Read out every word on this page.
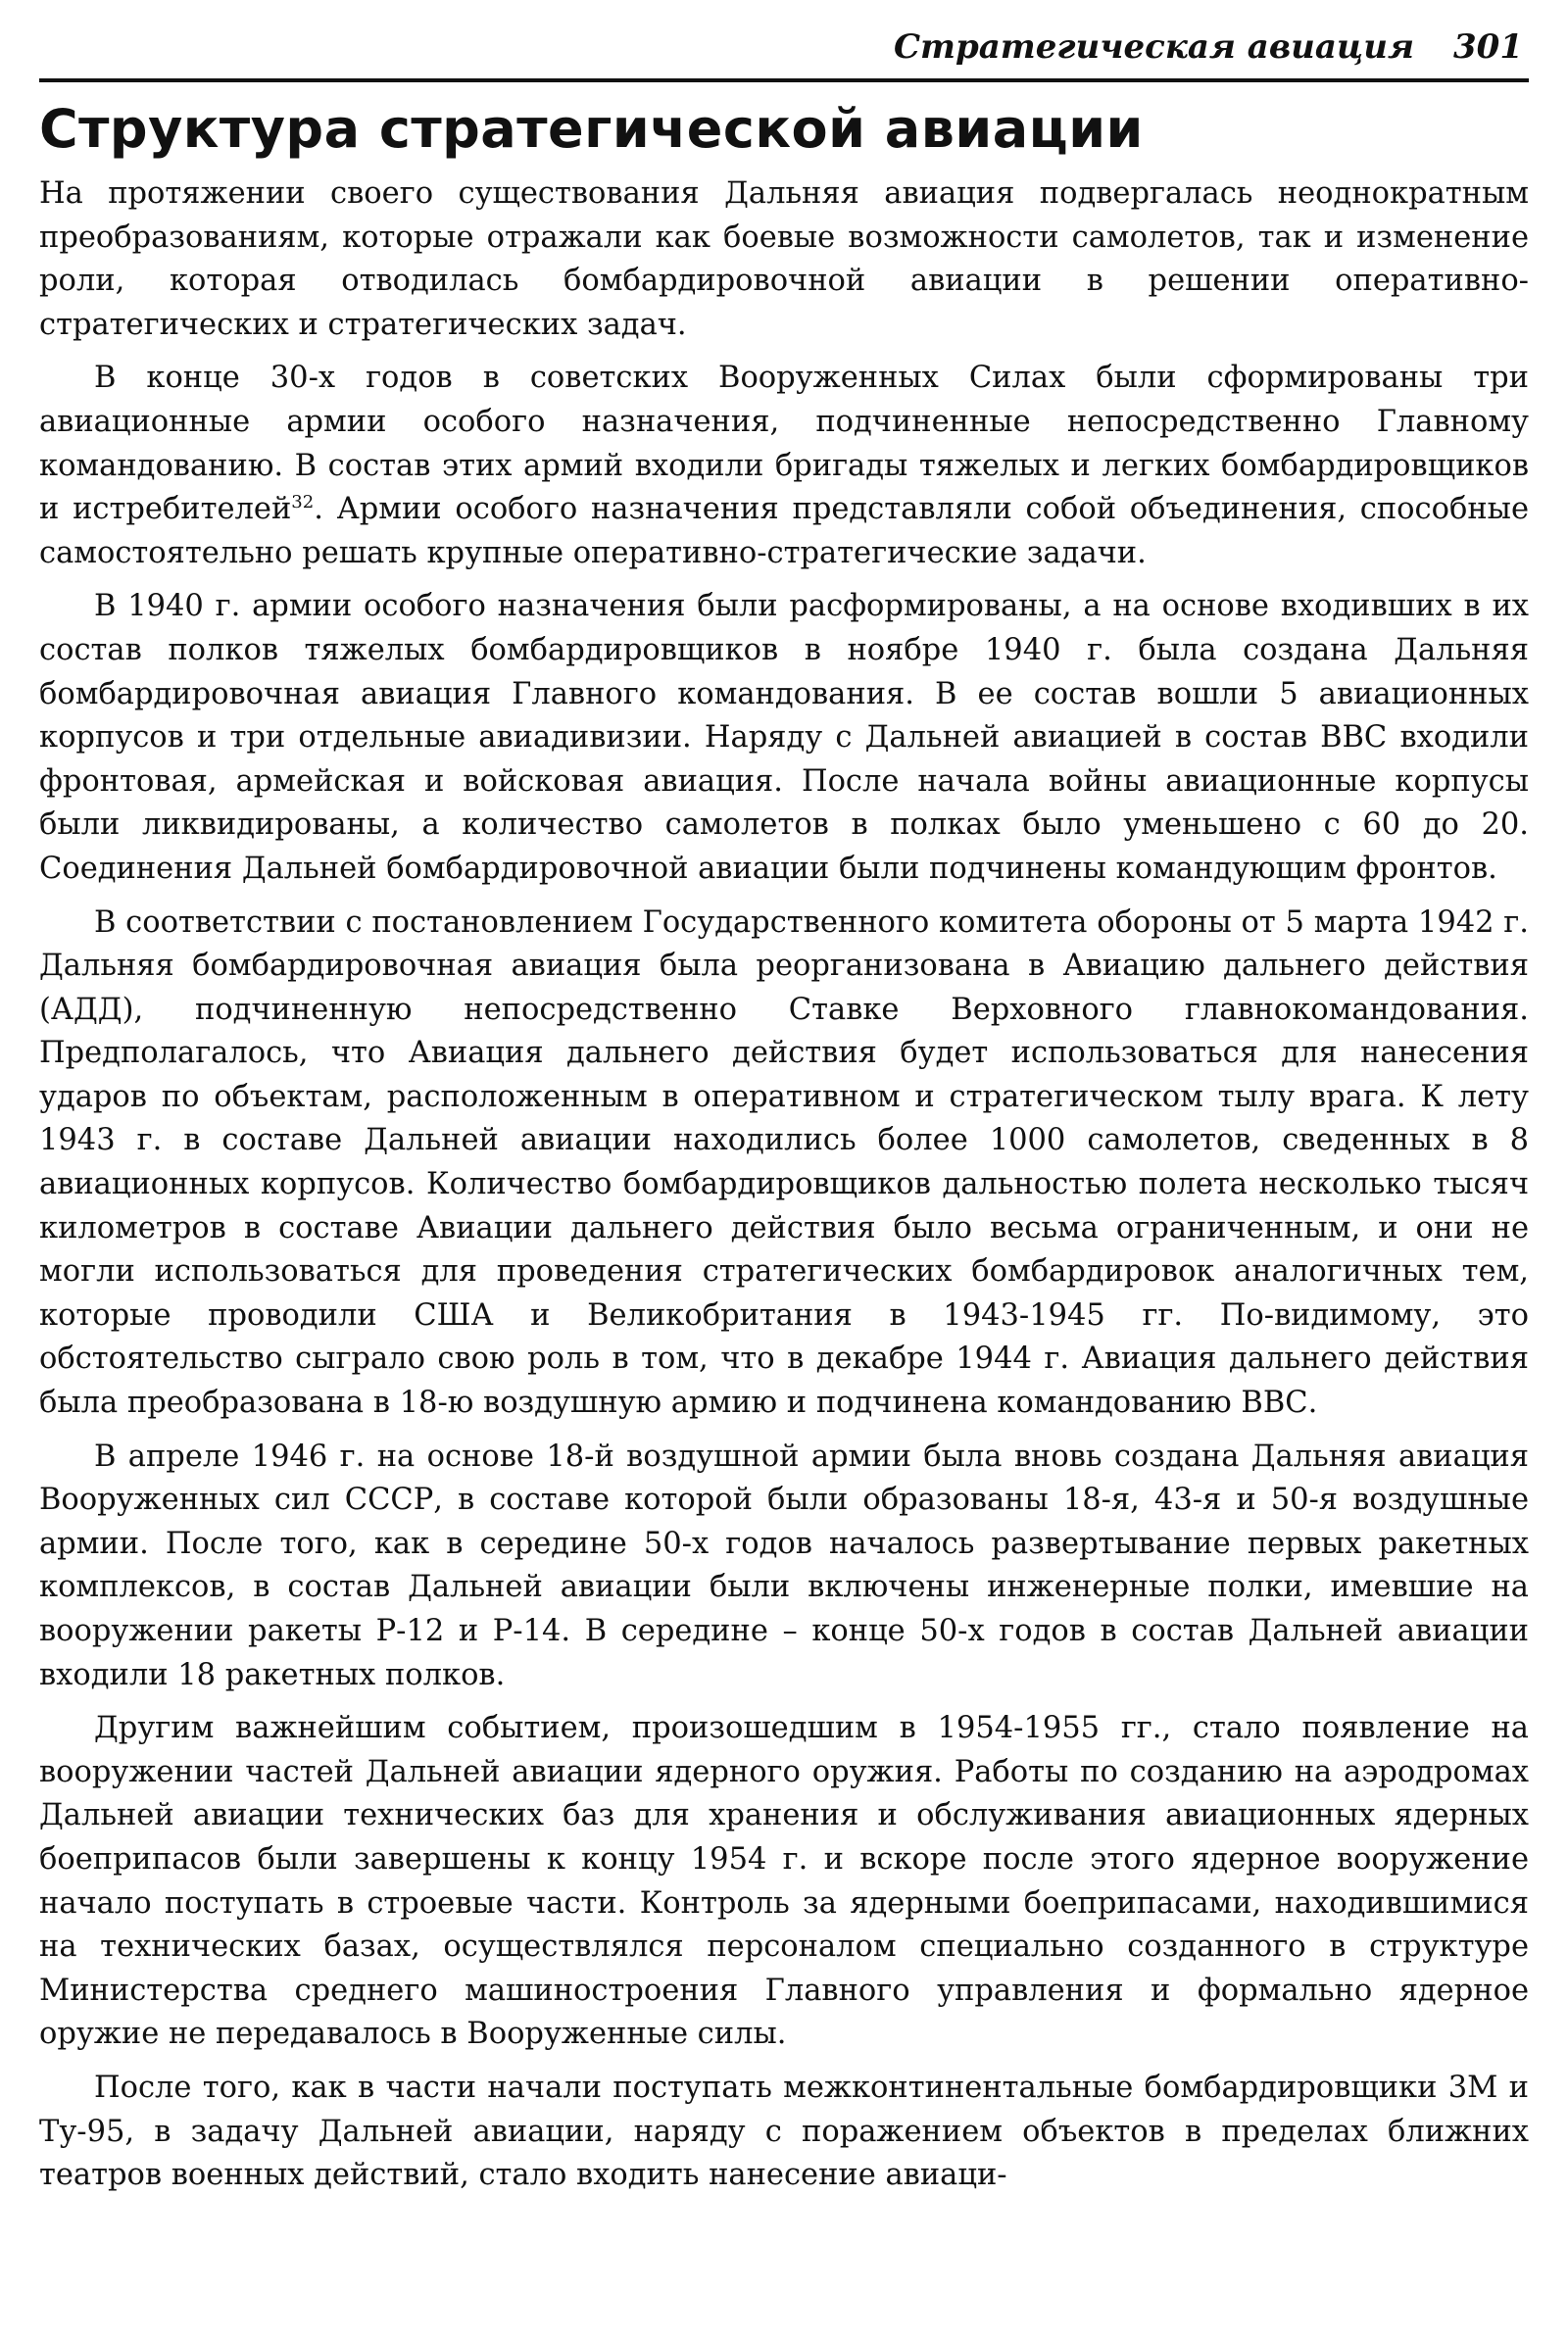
Стратегическая авиация 301
Структура стратегической авиации

На протяжении своего существования Дальняя авиация подвергалась неоднократным преобразованиям, которые отражали как боевые возможности самолетов, так и изменение роли, которая отводилась бомбардировочной авиации в решении оперативно-стратегических и стратегических задач.

В конце 30-х годов в советских Вооруженных Силах были сформированы три авиационные армии особого назначения, подчиненные непосредственно Главному командованию. В состав этих армий входили бригады тяжелых и легких бомбардировщиков и истребителей$^{32}$. Армии особого назначения представляли собой объединения, способные самостоятельно решать крупные оперативно-стратегические задачи.

В 1940 г. армии особого назначения были расформированы, а на основе входивших в их состав полков тяжелых бомбардировщиков в ноябре 1940 г. была создана Дальняя бомбардировочная авиация Главного командования. В ее состав вошли 5 авиационных корпусов и три отдельные авиадивизии. Наряду с Дальней авиацией в состав ВВС входили фронтовая, армейская и войсковая авиация. После начала войны авиационные корпусы были ликвидированы, а количество самолетов в полках было уменьшено с 60 до 20. Соединения Дальней бомбардировочной авиации были подчинены командующим фронтов.

В соответствии с постановлением Государственного комитета обороны от 5 марта 1942 г. Дальняя бомбардировочная авиация была реорганизована в Авиацию дальнего действия (АДД), подчиненную непосредственно Ставке Верховного главнокомандования. Предполагалось, что Авиация дальнего действия будет использоваться для нанесения ударов по объектам, расположенным в оперативном и стратегическом тылу врага. К лету 1943 г. в составе Дальней авиации находились более 1000 самолетов, сведенных в 8 авиационных корпусов. Количество бомбардировщиков дальностью полета несколько тысяч километров в составе Авиации дальнего действия было весьма ограниченным, и они не могли использоваться для проведения стратегических бомбардировок аналогичных тем, которые проводили США и Великобритания в 1943-1945 гг. По-видимому, это обстоятельство сыграло свою роль в том, что в декабре 1944 г. Авиация дальнего действия была преобразована в 18-ю воздушную армию и подчинена командованию ВВС.

В апреле 1946 г. на основе 18-й воздушной армии была вновь создана Дальняя авиация Вооруженных сил СССР, в составе которой были образованы 18-я, 43-я и 50-я воздушные армии. После того, как в середине 50-х годов началось развертывание первых ракетных комплексов, в состав Дальней авиации были включены инженерные полки, имевшие на вооружении ракеты Р-12 и Р-14. В середине – конце 50-х годов в состав Дальней авиации входили 18 ракетных полков.

Другим важнейшим событием, произошедшим в 1954-1955 гг., стало появление на вооружении частей Дальней авиации ядерного оружия. Работы по созданию на аэродромах Дальней авиации технических баз для хранения и обслуживания авиационных ядерных боеприпасов были завершены к концу 1954 г. и вскоре после этого ядерное вооружение начало поступать в строевые части. Контроль за ядерными боеприпасами, находившимися на технических базах, осуществлялся персоналом специально созданного в структуре Министерства среднего машиностроения Главного управления и формально ядерное оружие не передавалось в Вооруженные силы.

После того, как в части начали поступать межконтинентальные бомбардировщики 3М и Ту-95, в задачу Дальней авиации, наряду с поражением объектов в пределах ближних театров военных действий, стало входить нанесение авиаци-
